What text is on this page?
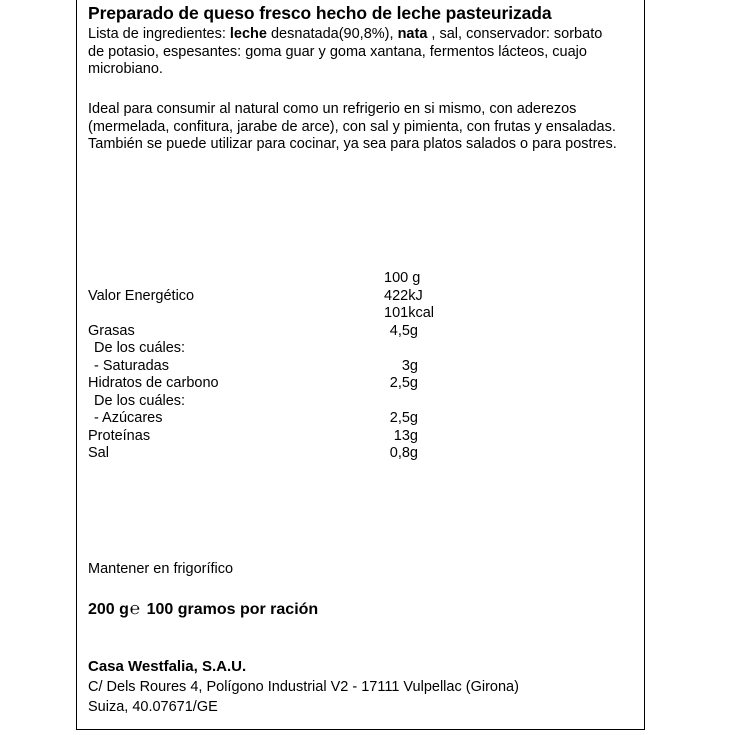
Preparado de queso fresco hecho de leche pasteurizada
Lista de ingredientes: leche desnatada(90,8%), nata , sal, conservador: sorbato
de potasio, espesantes: goma guar y goma xantana, fermentos lácteos, cuajo
microbiano.
Ideal para consumir al natural como un refrigerio en si mismo, con aderezos
(mermelada, confitura, jarabe de arce), con sal y pimienta, con frutas y ensaladas.
También se puede utilizar para cocinar, ya sea para platos salados o para postres.
100 g
Valor Energético	422kJ
101kcal
Grasas	4,5g
De los cuáles:
- Saturadas	3g
Hidratos de carbono	2,5g
De los cuáles:
- Azúcares	2,5g
Proteínas	13g
Sal	0,8g
Mantener en frigorífico
200 g℮ 100 gramos por ración
Casa Westfalia, S.A.U.
C/ Dels Roures 4, Polígono Industrial V2 - 17111 Vulpellac (Girona)
Suiza, 40.07671/GE
